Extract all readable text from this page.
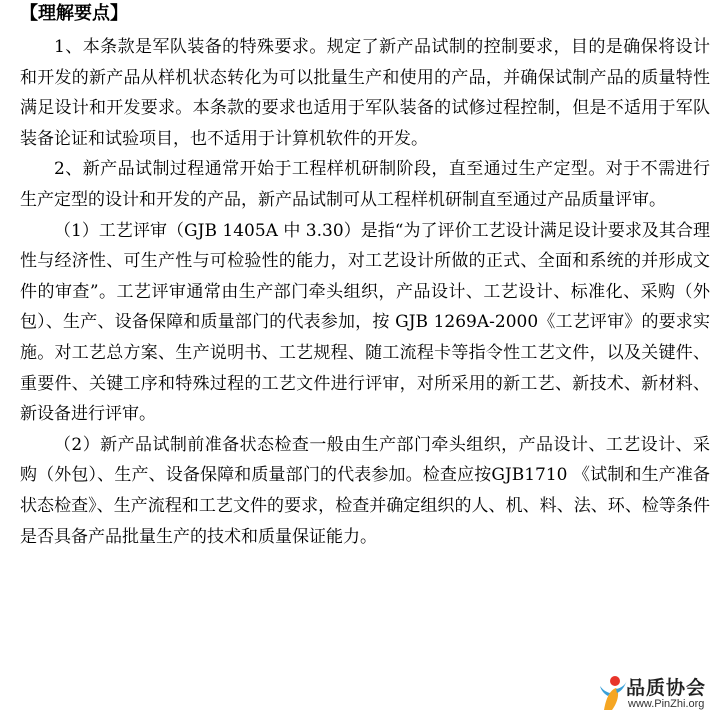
【理解要点】

1、本条款是军队装备的特殊要求。规定了新产品试制的控制要求，目的是确保将设计和开发的新产品从样机状态转化为可以批量生产和使用的产品，并确保试制产品的质量特性满足设计和开发要求。本条款的要求也适用于军队装备的试修过程控制，但是不适用于军队装备论证和试验项目，也不适用于计算机软件的开发。

2、新产品试制过程通常开始于工程样机研制阶段，直至通过生产定型。对于不需进行生产定型的设计和开发的产品，新产品试制可从工程样机研制直至通过产品质量评审。

（1）工艺评审（GJB 1405A 中 3.30）是指“为了评价工艺设计满足设计要求及其合理性与经济性、可生产性与可检验性的能力，对工艺设计所做的正式、全面和系统的并形成文件的审查”。工艺评审通常由生产部门牵头组织，产品设计、工艺设计、标准化、采购（外包）、生产、设备保障和质量部门的代表参加，按 GJB 1269A-2000《工艺评审》的要求实施。对工艺总方案、生产说明书、工艺规程、随工流程卡等指令性工艺文件，以及关键件、重要件、关键工序和特殊过程的工艺文件进行评审，对所采用的新工艺、新技术、新材料、新设备进行评审。

（2）新产品试制前准备状态检查一般由生产部门牵头组织，产品设计、工艺设计、采购（外包）、生产、设备保障和质量部门的代表参加。检查应按GJB1710 《试制和生产准备状态检查》、生产流程和工艺文件的要求，检查并确定组织的人、机、料、法、环、检等条件是否具备产品批量生产的技术和质量保证能力。

品质协会
www.PinZhi.org
